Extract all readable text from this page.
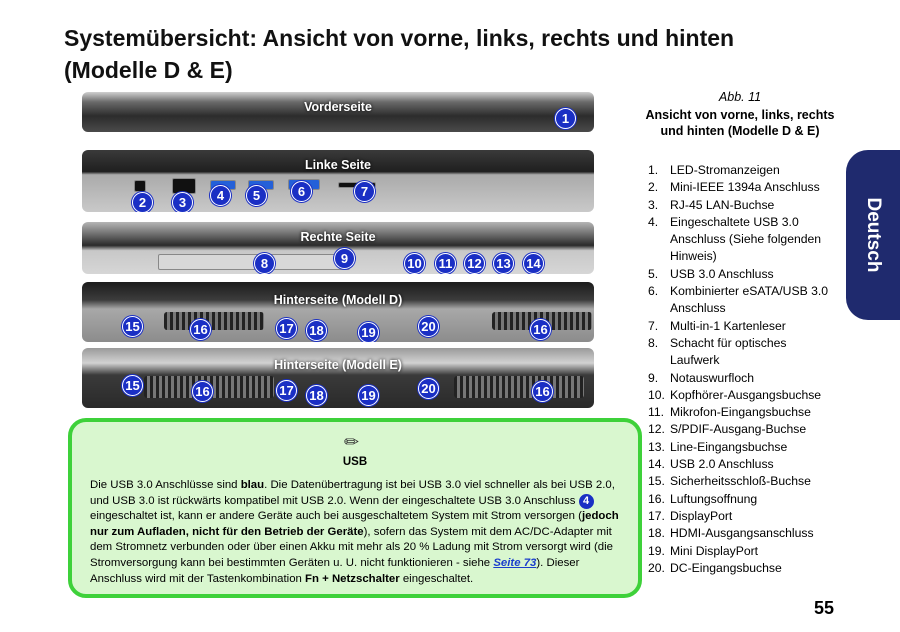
Systemübersicht: Ansicht von vorne, links, rechts und hinten (Modelle D & E)
Deutsch
Vorderseite
1
Linke Seite
2	3	4	5	6	7
Rechte Seite
8	9	10 11 12 13 14
Hinterseite (Modell D)
15	16	17 18	19	20	16
Hinterseite (Modell E)
15	16	17 18	19	20	16
Abb. 11
Ansicht von vorne, links, rechts und hinten (Modelle D & E)
1. LED-Stromanzeigen
2. Mini-IEEE 1394a Anschluss
3. RJ-45 LAN-Buchse
4. Eingeschaltete USB 3.0 Anschluss (Siehe folgenden Hinweis)
5. USB 3.0 Anschluss
6. Kombinierter eSATA/USB 3.0 Anschluss
7. Multi-in-1 Kartenleser
8. Schacht für optisches Laufwerk
9. Notauswurfloch
10. Kopfhörer-Ausgangsbuchse
11. Mikrofon-Eingangsbuchse
12. S/PDIF-Ausgang-Buchse
13. Line-Eingangsbuchse
14. USB 2.0 Anschluss
15. Sicherheitsschloß-Buchse
16. Luftungsoffnung
17. DisplayPort
18. HDMI-Ausgangsanschluss
19. Mini DisplayPort
20. DC-Eingangsbuchse
✏
USB
Die USB 3.0 Anschlüsse sind blau. Die Datenübertragung ist bei USB 3.0 viel schneller als bei USB 2.0, und USB 3.0 ist rückwärts kompatibel mit USB 2.0. Wenn der eingeschaltete USB 3.0 Anschluss 4 eingeschaltet ist, kann er andere Geräte auch bei ausgeschaltetem System mit Strom versorgen (jedoch nur zum Aufladen, nicht für den Betrieb der Geräte), sofern das System mit dem AC/DC-Adapter mit dem Stromnetz verbunden oder über einen Akku mit mehr als 20 % Ladung mit Strom versorgt wird (die Stromversorgung kann bei bestimmten Geräten u. U. nicht funktionieren - siehe Seite 73). Dieser Anschluss wird mit der Tastenkombination Fn + Netzschalter eingeschaltet.
55
